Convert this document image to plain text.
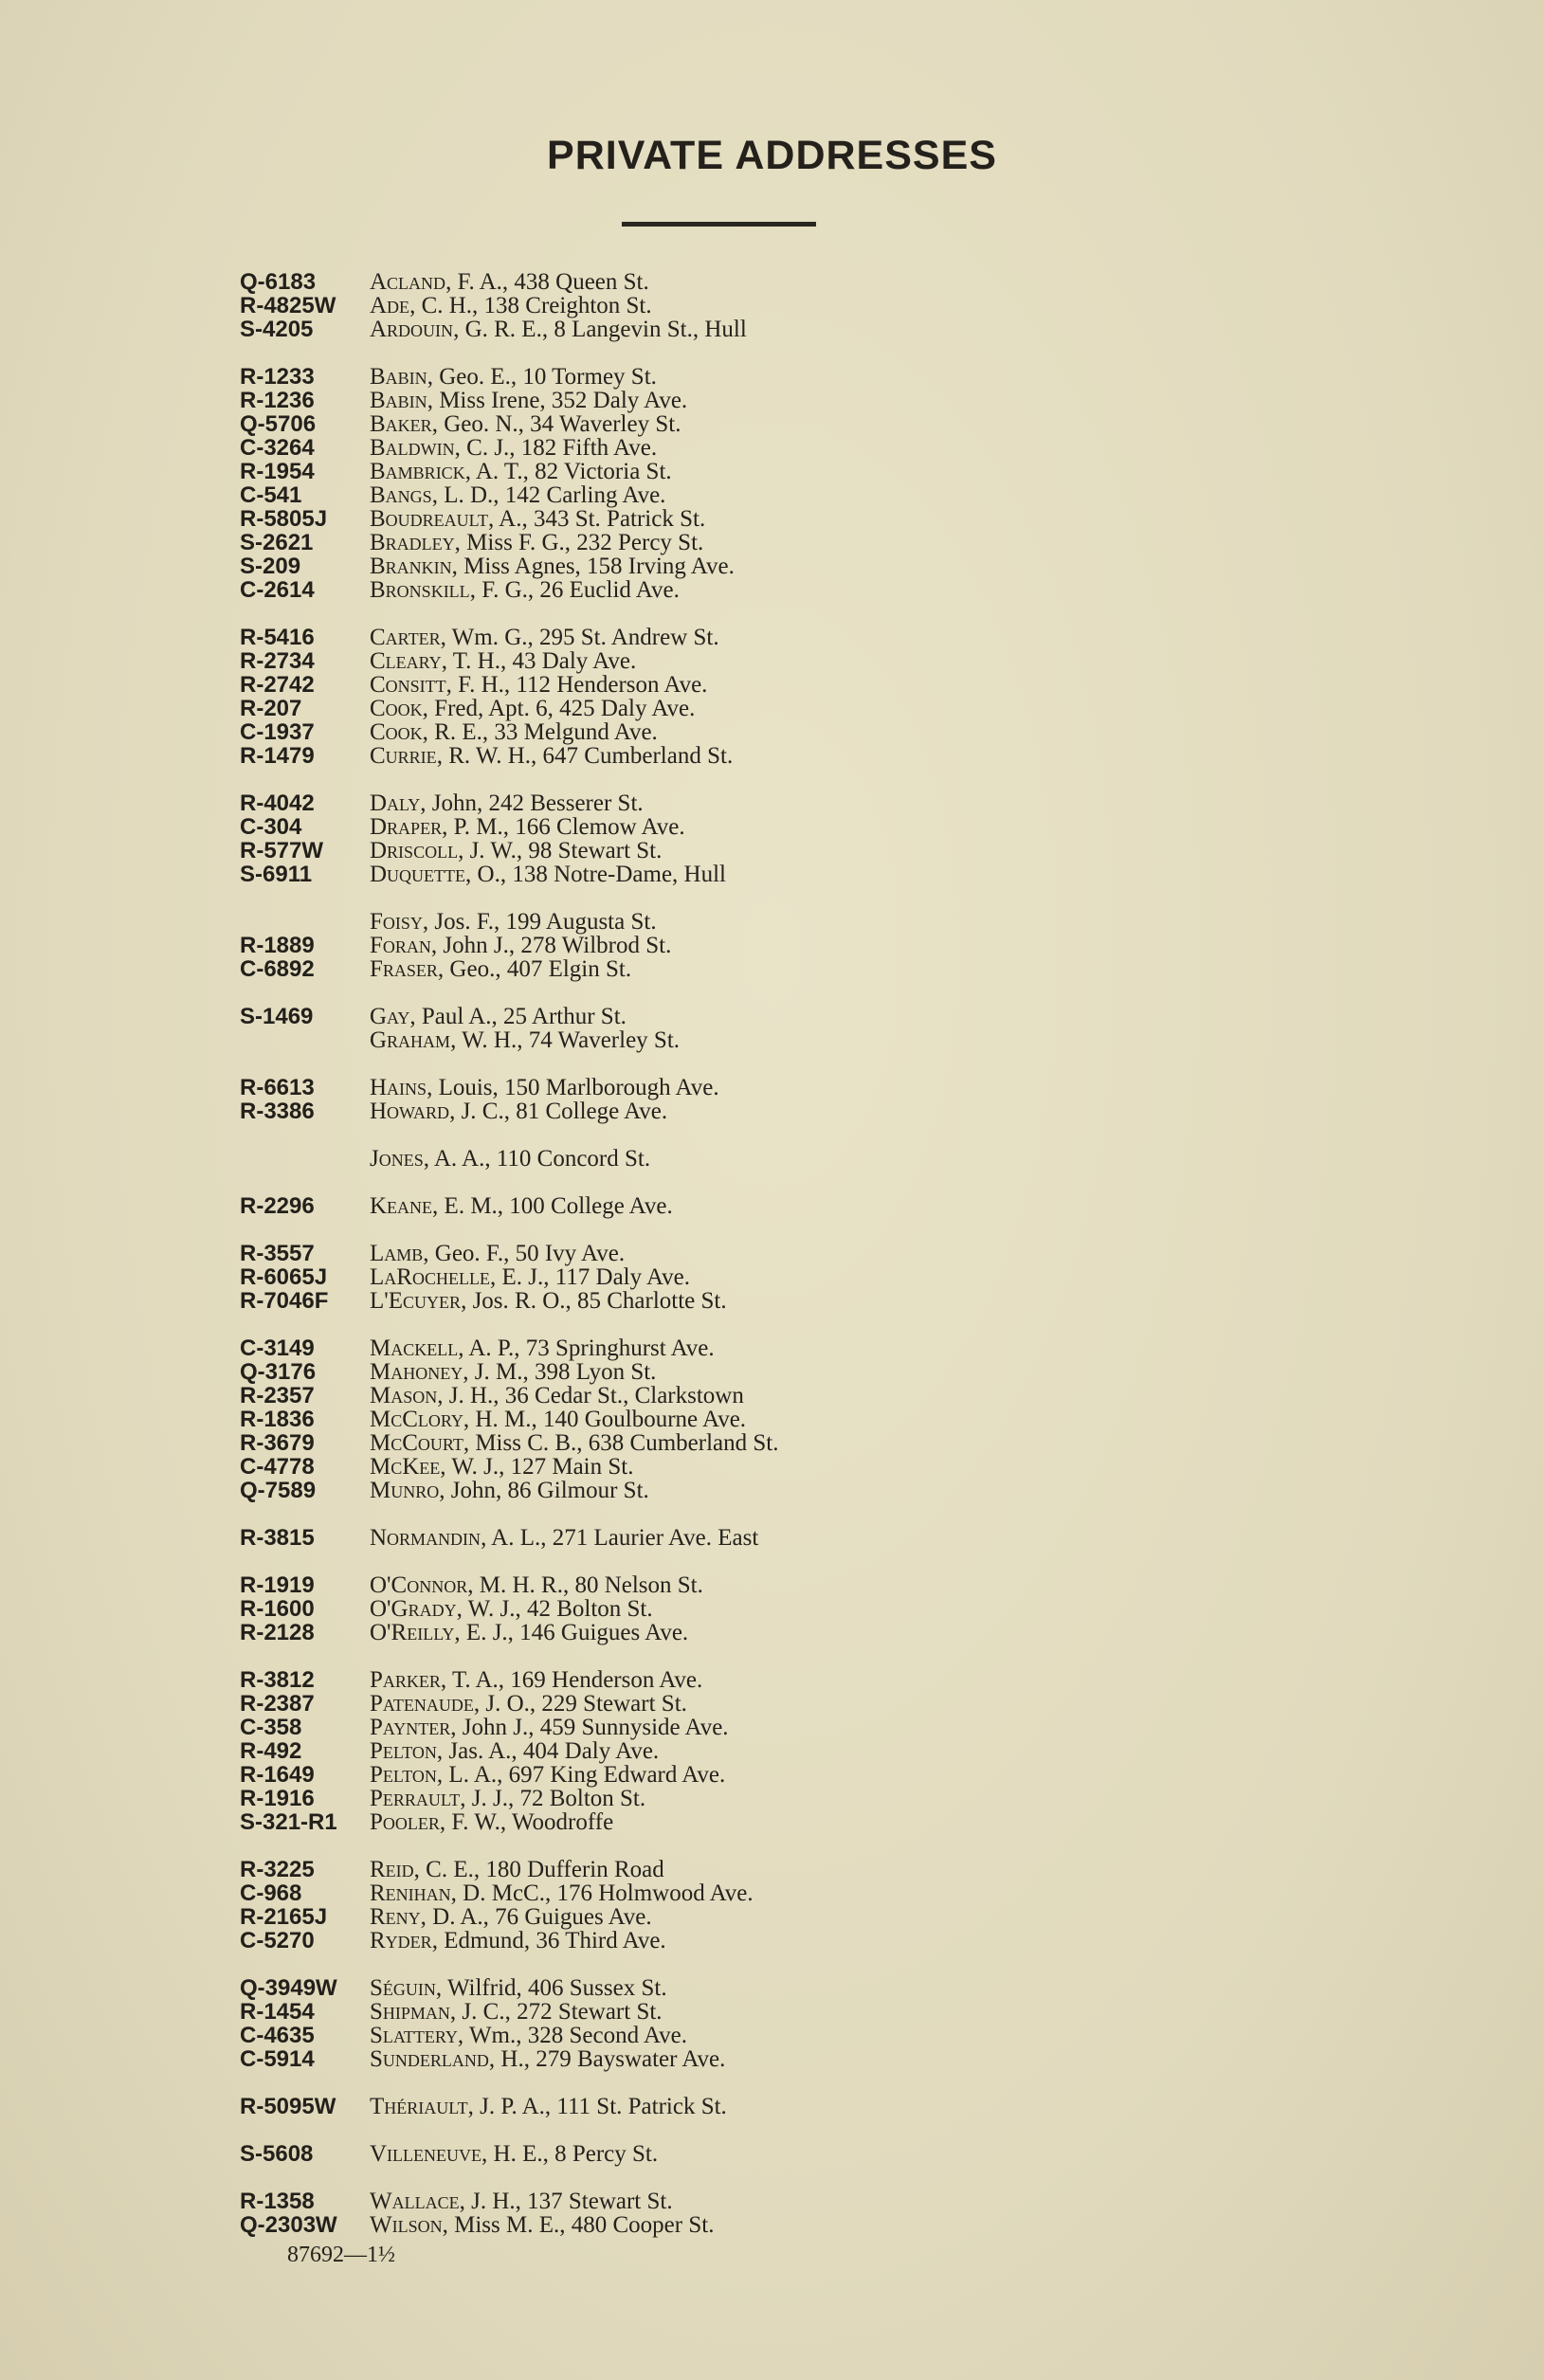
PRIVATE ADDRESSES
Q-6183	Acland, F. A., 438 Queen St.
R-4825W	Ade, C. H., 138 Creighton St.
S-4205	Ardouin, G. R. E., 8 Langevin St., Hull
R-1233	Babin, Geo. E., 10 Tormey St.
R-1236	Babin, Miss Irene, 352 Daly Ave.
Q-5706	Baker, Geo. N., 34 Waverley St.
C-3264	Baldwin, C. J., 182 Fifth Ave.
R-1954	Bambrick, A. T., 82 Victoria St.
C-541	Bangs, L. D., 142 Carling Ave.
R-5805J	Boudreault, A., 343 St. Patrick St.
S-2621	Bradley, Miss F. G., 232 Percy St.
S-209	Brankin, Miss Agnes, 158 Irving Ave.
C-2614	Bronskill, F. G., 26 Euclid Ave.
R-5416	Carter, Wm. G., 295 St. Andrew St.
R-2734	Cleary, T. H., 43 Daly Ave.
R-2742	Consitt, F. H., 112 Henderson Ave.
R-207	Cook, Fred, Apt. 6, 425 Daly Ave.
C-1937	Cook, R. E., 33 Melgund Ave.
R-1479	Currie, R. W. H., 647 Cumberland St.
R-4042	Daly, John, 242 Besserer St.
C-304	Draper, P. M., 166 Clemow Ave.
R-577W	Driscoll, J. W., 98 Stewart St.
S-6911	Duquette, O., 138 Notre-Dame, Hull
Foisy, Jos. F., 199 Augusta St.
R-1889	Foran, John J., 278 Wilbrod St.
C-6892	Fraser, Geo., 407 Elgin St.
S-1469	Gay, Paul A., 25 Arthur St.
Graham, W. H., 74 Waverley St.
R-6613	Hains, Louis, 150 Marlborough Ave.
R-3386	Howard, J. C., 81 College Ave.
Jones, A. A., 110 Concord St.
R-2296	Keane, E. M., 100 College Ave.
R-3557	Lamb, Geo. F., 50 Ivy Ave.
R-6065J	LaRochelle, E. J., 117 Daly Ave.
R-7046F	L'Ecuyer, Jos. R. O., 85 Charlotte St.
C-3149	Mackell, A. P., 73 Springhurst Ave.
Q-3176	Mahoney, J. M., 398 Lyon St.
R-2357	Mason, J. H., 36 Cedar St., Clarkstown
R-1836	McClory, H. M., 140 Goulbourne Ave.
R-3679	McCourt, Miss C. B., 638 Cumberland St.
C-4778	McKee, W. J., 127 Main St.
Q-7589	Munro, John, 86 Gilmour St.
R-3815	Normandin, A. L., 271 Laurier Ave. East
R-1919	O'Connor, M. H. R., 80 Nelson St.
R-1600	O'Grady, W. J., 42 Bolton St.
R-2128	O'Reilly, E. J., 146 Guigues Ave.
R-3812	Parker, T. A., 169 Henderson Ave.
R-2387	Patenaude, J. O., 229 Stewart St.
C-358	Paynter, John J., 459 Sunnyside Ave.
R-492	Pelton, Jas. A., 404 Daly Ave.
R-1649	Pelton, L. A., 697 King Edward Ave.
R-1916	Perrault, J. J., 72 Bolton St.
S-321-R1	Pooler, F. W., Woodroffe
R-3225	Reid, C. E., 180 Dufferin Road
C-968	Renihan, D. McC., 176 Holmwood Ave.
R-2165J	Reny, D. A., 76 Guigues Ave.
C-5270	Ryder, Edmund, 36 Third Ave.
Q-3949W	Séguin, Wilfrid, 406 Sussex St.
R-1454	Shipman, J. C., 272 Stewart St.
C-4635	Slattery, Wm., 328 Second Ave.
C-5914	Sunderland, H., 279 Bayswater Ave.
R-5095W	Thériault, J. P. A., 111 St. Patrick St.
S-5608	Villeneuve, H. E., 8 Percy St.
R-1358	Wallace, J. H., 137 Stewart St.
Q-2303W	Wilson, Miss M. E., 480 Cooper St.
87692—1½
